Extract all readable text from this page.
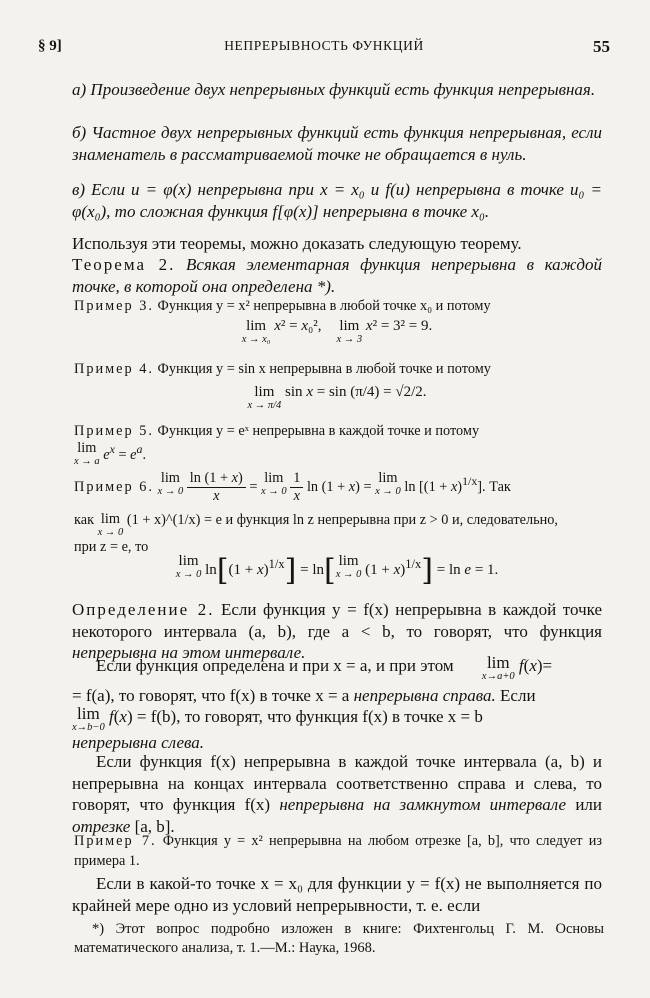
§ 9]	НЕПРЕРЫВНОСТЬ ФУНКЦИЙ	55
а) Произведение двух непрерывных функций есть функция непрерывная.
б) Частное двух непрерывных функций есть функция непрерывная, если знаменатель в рассматриваемой точке не обращается в нуль.
в) Если u = φ(x) непрерывна при x = x₀ и f(u) непрерывна в точке u₀ = φ(x₀), то сложная функция f[φ(x)] непрерывна в точке x₀.
Используя эти теоремы, можно доказать следующую теорему.
Теорема 2. Всякая элементарная функция непрерывна в каждой точке, в которой она определена *).
Пример 3. Функция y = x² непрерывна в любой точке x₀ и потому
lim
x → x₀
x² = x₀²,    lim
x → 3
x² = 3² = 9.
Пример 4. Функция y = sin x непрерывна в любой точке и потому
lim
x → π/4
sin x = sin (π/4) = √2/2.
Пример 5. Функция y = eˣ непрерывна в каждой точке и потому
lim
x → a $e^x = e^a$.
Пример 6. lim
x → 0
$\frac{\ln (1 + x)}{x} = \lim$
x → 0
$\frac{1}{x}$ ln (1 + x) = lim
x → 0 $\ln [(1 + x)^{1/x}]$. Так
как lim
x → 0
(1 + x)^(1/x) = e и функция ln z непрерывна при z > 0 и, следовательно,
при z = e, то
lim
x → 0 $\ln[(1 + x)^{1/x}] = \ln$[ lim
x → 0 $(1 + x)^{1/x}] = \ln e = 1$.
Определение 2. Если функция y = f(x) непрерывна в каждой точке некоторого интервала (a, b), где a < b, то говорят, что функция непрерывна на этом интервале.
Если функция определена и при x = a, и при этом lim
x→a+0
f(x)=
= f(a), то говорят, что f(x) в точке x = a непрерывна справа. Если
lim
x→b−0
f(x) = f(b), то говорят, что функция f(x) в точке x = b
непрерывна слева.
Если функция f(x) непрерывна в каждой точке интервала (a, b) и непрерывна на концах интервала соответственно справа и слева, то говорят, что функция f(x) непрерывна на замкнутом интервале или отрезке [a, b].
Пример 7. Функция y = x² непрерывна на любом отрезке [a, b], что следует из примера 1.
Если в какой-то точке x = x₀ для функции y = f(x) не выполняется по крайней мере одно из условий непрерывности, т. е. если
*) Этот вопрос подробно изложен в книге: Фихтенгольц Г. М. Основы математического анализа, т. 1.—М.: Наука, 1968.
